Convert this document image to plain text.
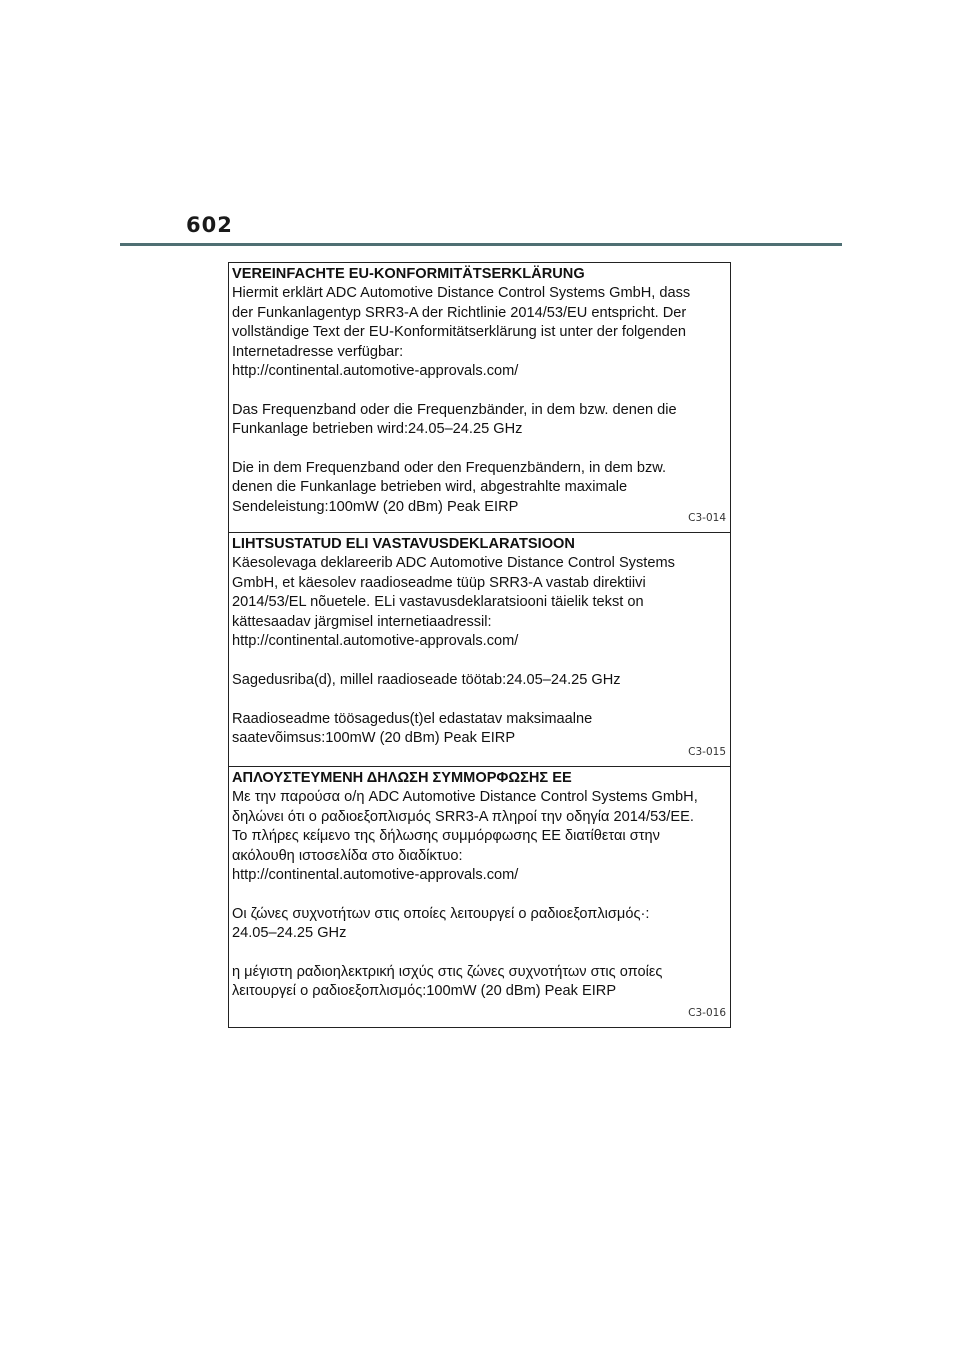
602

VEREINFACHTE EU-KONFORMITÄTSERKLÄRUNG

Hiermit erklärt ADC Automotive Distance Control Systems GmbH, dass
der Funkanlagentyp SRR3-A der Richtlinie 2014/53/EU entspricht. Der
vollständige Text der EU-Konformitätserklärung ist unter der folgenden
Internetadresse verfügbar:
http://continental.automotive-approvals.com/

Das Frequenzband oder die Frequenzbänder, in dem bzw. denen die
Funkanlage betrieben wird:24.05–24.25 GHz

Die in dem Frequenzband oder den Frequenzbändern, in dem bzw.
denen die Funkanlage betrieben wird, abgestrahlte maximale
Sendeleistung:100mW (20 dBm) Peak EIRP

C3-014

LIHTSUSTATUD ELI VASTAVUSDEKLARATSIOON

Käesolevaga deklareerib ADC Automotive Distance Control Systems
GmbH, et käesolev raadioseadme tüüp SRR3-A vastab direktiivi
2014/53/EL nõuetele. ELi vastavusdeklaratsiooni täielik tekst on
kättesaadav järgmisel internetiaadressil:
http://continental.automotive-approvals.com/

Sagedusriba(d), millel raadioseade töötab:24.05–24.25 GHz

Raadioseadme töösagedus(t)el edastatav maksimaalne
saatevõimsus:100mW (20 dBm) Peak EIRP

C3-015

ΑΠΛΟΥΣΤΕΥΜΕΝΗ ΔΗΛΩΣΗ ΣΥΜΜΟΡΦΩΣΗΣ ΕΕ

Με την παρούσα ο/η ADC Automotive Distance Control Systems GmbH,
δηλώνει ότι ο ραδιοεξοπλισμός SRR3-A πληροί την οδηγία 2014/53/ΕΕ.
Το πλήρες κείμενο της δήλωσης συμμόρφωσης ΕΕ διατίθεται στην
ακόλουθη ιστοσελίδα στο διαδίκτυο:
http://continental.automotive-approvals.com/

Οι ζώνες συχνοτήτων στις οποίες λειτουργεί ο ραδιοεξοπλισμός·:
24.05–24.25 GHz

η μέγιστη ραδιοηλεκτρική ισχύς στις ζώνες συχνοτήτων στις οποίες
λειτουργεί ο ραδιοεξοπλισμός:100mW (20 dBm) Peak EIRP

C3-016
